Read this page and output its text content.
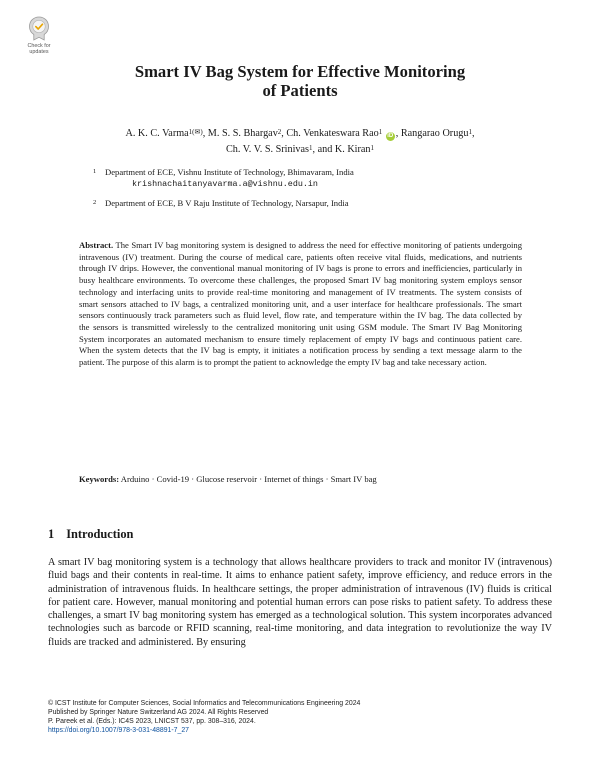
Check for
updates
Smart IV Bag System for Effective Monitoring
of Patients
A. K. C. Varma$^{1(✉)}$, M. S. S. Bhargav$^2$, Ch. Venkateswara Rao$^1$ iD , Rangarao Orugu$^1$,
Ch. V. V. S. Srinivas$^1$, and K. Kiran$^1$
1	Department of ECE, Vishnu Institute of Technology, Bhimavaram, India
krishnachaitanyavarma.a@vishnu.edu.in
2	Department of ECE, B V Raju Institute of Technology, Narsapur, India
Abstract. The Smart IV bag monitoring system is designed to address the need for effective monitoring of patients undergoing intravenous (IV) treatment. During the course of medical care, patients often receive vital fluids, medications, and nutrients through IV drips. However, the conventional manual monitoring of IV bags is prone to errors and inefficiencies, particularly in busy healthcare environments. To overcome these challenges, the proposed Smart IV bag monitoring system employs sensor technology and interfacing units to provide real-time monitoring and management of IV treatments. The system consists of smart sensors attached to IV bags, a centralized monitoring unit, and a user interface for healthcare professionals. The smart sensors continuously track parameters such as fluid level, flow rate, and temperature within the IV bag. The data collected by the sensors is transmitted wirelessly to the centralized monitoring unit using GSM module. The Smart IV Bag Monitoring System incorporates an automated mechanism to ensure timely replacement of empty IV bags and continuous patient care. When the system detects that the IV bag is empty, it initiates a notification process by sending a text message alarm to the patient. The purpose of this alarm is to prompt the patient to acknowledge the empty IV bag and take necessary action.
Keywords: Arduino · Covid-19 · Glucose reservoir · Internet of things · Smart IV bag
1 Introduction
A smart IV bag monitoring system is a technology that allows healthcare providers to track and monitor IV (intravenous) fluid bags and their contents in real-time. It aims to enhance patient safety, improve efficiency, and reduce errors in the administration of intravenous fluids. In healthcare settings, the proper administration of intravenous (IV) fluids is critical for patient care. However, manual monitoring and potential human errors can pose risks to patient safety. To address these challenges, a smart IV bag monitoring system has emerged as a technological solution. This system incorporates advanced technologies such as barcode or RFID scanning, real-time monitoring, and data integration to revolutionize the way IV fluids are tracked and administered. By ensuring
© ICST Institute for Computer Sciences, Social Informatics and Telecommunications Engineering 2024
Published by Springer Nature Switzerland AG 2024. All Rights Reserved
P. Pareek et al. (Eds.): IC4S 2023, LNICST 537, pp. 308–316, 2024.
https://doi.org/10.1007/978-3-031-48891-7_27
